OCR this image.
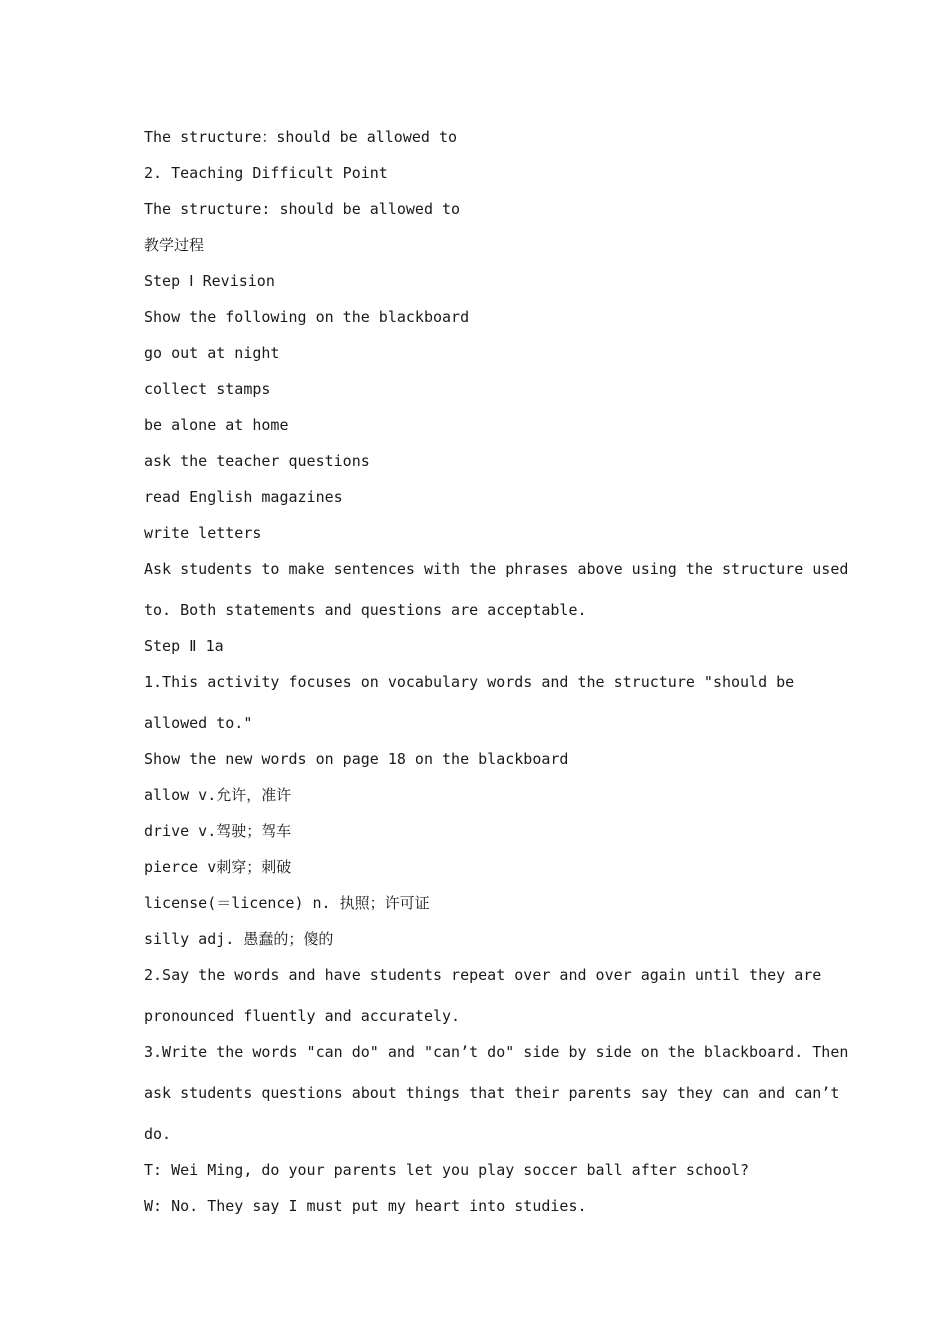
The structure：should be allowed to
2. Teaching Difficult Point
The structure: should be allowed to
教学过程
Step Ⅰ Revision
Show the following on the blackboard
go out at night
collect stamps
be alone at home
ask the teacher questions
read English magazines
write letters
Ask students to make sentences with the phrases above using the structure used
to. Both statements and questions are acceptable.
Step Ⅱ 1a
1.This activity focuses on vocabulary words and the structure "should be
allowed to."
Show the new words on page 18 on the blackboard
allow v.允许，准许
drive v.驾驶；驾车
pierce v刺穿；刺破
license(＝licence) n. 执照；许可证
silly adj. 愚蠢的；傻的
2.Say the words and have students repeat over and over again until they are
pronounced fluently and accurately.
3.Write the words "can do" and "can’t do" side by side on the blackboard. Then
ask students questions about things that their parents say they can and can’t
do.
T: Wei Ming, do your parents let you play soccer ball after school?
W: No. They say I must put my heart into studies.
